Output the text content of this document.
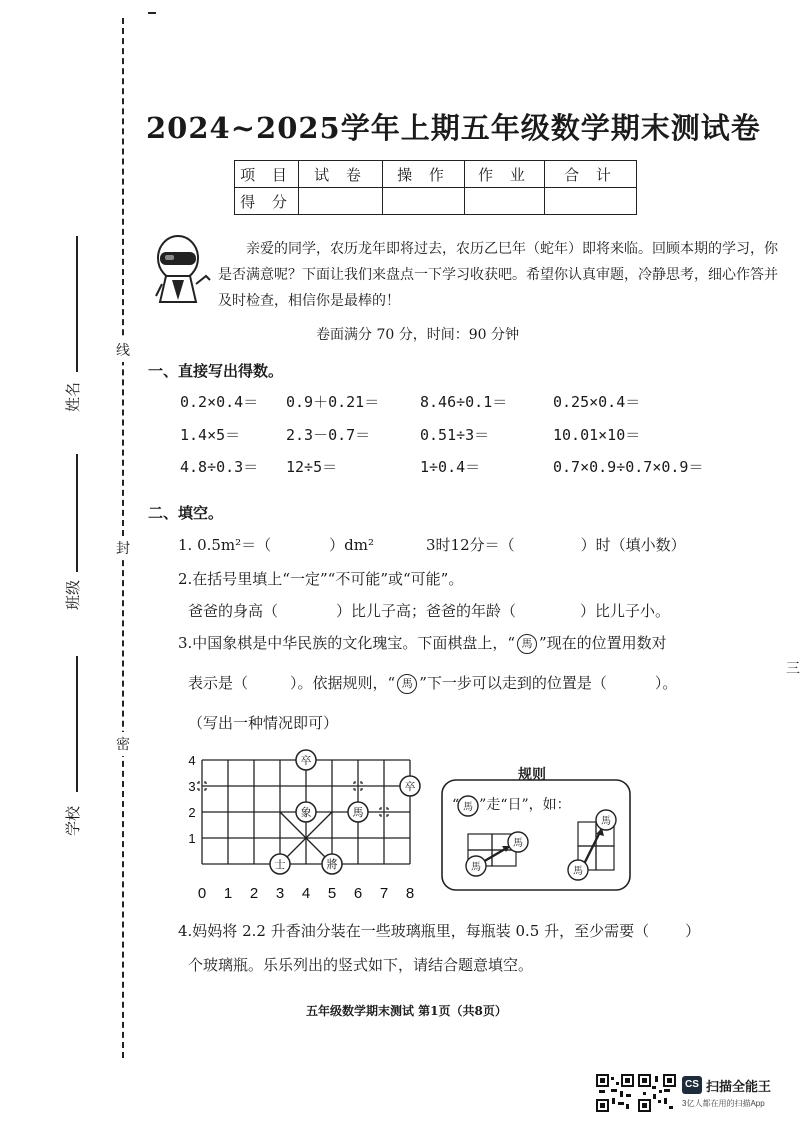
线
封
密
姓名
班级
学校
三
2024~2025学年上期五年级数学期末测试卷
项 目	试 卷	操 作	作 业	合 计
得 分				
亲爱的同学，农历龙年即将过去，农历乙巳年（蛇年）即将来临。回顾本期的学习，你是否满意呢？下面让我们来盘点一下学习收获吧。希望你认真审题，冷静思考，细心作答并及时检查，相信你是最棒的！
卷面满分 70 分，时间：90 分钟
一、直接写出得数。
0.2×0.4＝ 0.9＋0.21＝	8.46÷0.1＝	0.25×0.4＝
1.4×5＝	2.3－0.7＝	0.51÷3＝	10.01×10＝
4.8÷0.3＝ 12÷5＝	1÷0.4＝	0.7×0.9÷0.7×0.9＝
二、填空。
1. 0.5m²＝（	）dm²	3时12分＝（	）时（填小数）
2.在括号里填上“一定”“不可能”或“可能”。
爸爸的身高（	）比儿子高；爸爸的年龄（	）比儿子小。
3.中国象棋是中华民族的文化瑰宝。下面棋盘上，“ 馬 ”现在的位置用数对
表示是（	）。依据规则，“ 馬 ”下一步可以走到的位置是（	）。
（写出一种情况即可）
卒
卒
象	馬
士	將
0 1 2 3 4 5 6 7 8
1
2
3
4
规则
“ ”走“日”，如：
馬
馬
馬
馬
馬
4.妈妈将 2.2 升香油分装在一些玻璃瓶里，每瓶装 0.5 升，至少需要（ ）
个玻璃瓶。乐乐列出的竖式如下，请结合题意填空。
五年级数学期末测试 第1页（共8页）
CS 扫描全能王
3亿人都在用的扫描App
